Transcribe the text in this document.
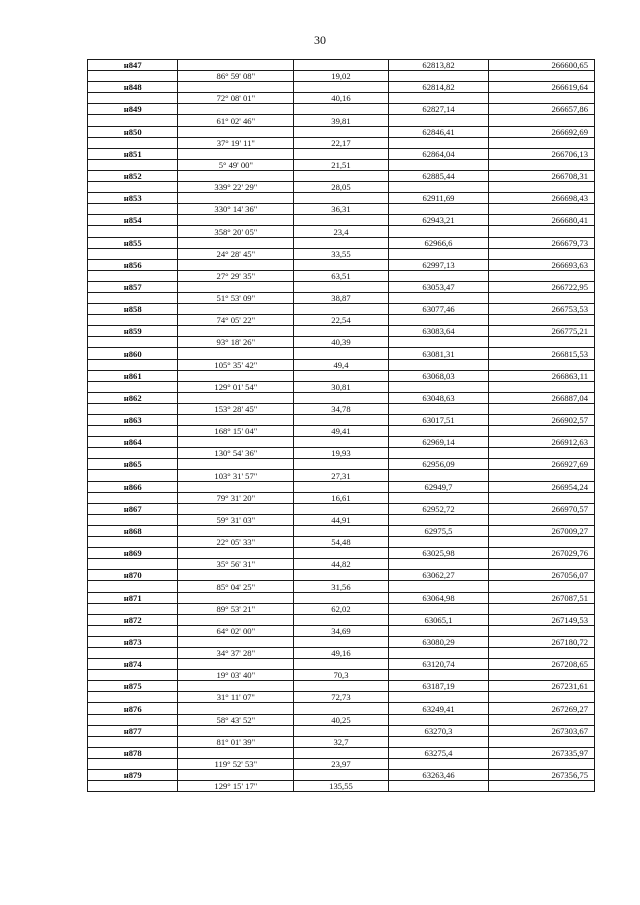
30
н847			62813,82	266600,65
	86° 59' 08"	19,02		
н848			62814,82	266619,64
	72° 08' 01"	40,16		
н849			62827,14	266657,86
	61° 02' 46"	39,81		
н850			62846,41	266692,69
	37° 19' 11"	22,17		
н851			62864,04	266706,13
	5° 49' 00"	21,51		
н852			62885,44	266708,31
	339° 22' 29"	28,05		
н853			62911,69	266698,43
	330° 14' 36"	36,31		
н854			62943,21	266680,41
	358° 20' 05"	23,4		
н855			62966,6	266679,73
	24° 28' 45"	33,55		
н856			62997,13	266693,63
	27° 29' 35"	63,51		
н857			63053,47	266722,95
	51° 53' 09"	38,87		
н858			63077,46	266753,53
	74° 05' 22"	22,54		
н859			63083,64	266775,21
	93° 18' 26"	40,39		
н860			63081,31	266815,53
	105° 35' 42"	49,4		
н861			63068,03	266863,11
	129° 01' 54"	30,81		
н862			63048,63	266887,04
	153° 28' 45"	34,78		
н863			63017,51	266902,57
	168° 15' 04"	49,41		
н864			62969,14	266912,63
	130° 54' 36"	19,93		
н865			62956,09	266927,69
	103° 31' 57"	27,31		
н866			62949,7	266954,24
	79° 31' 20"	16,61		
н867			62952,72	266970,57
	59° 31' 03"	44,91		
н868			62975,5	267009,27
	22° 05' 33"	54,48		
н869			63025,98	267029,76
	35° 56' 31"	44,82		
н870			63062,27	267056,07
	85° 04' 25"	31,56		
н871			63064,98	267087,51
	89° 53' 21"	62,02		
н872			63065,1	267149,53
	64° 02' 00"	34,69		
н873			63080,29	267180,72
	34° 37' 28"	49,16		
н874			63120,74	267208,65
	19° 03' 40"	70,3		
н875			63187,19	267231,61
	31° 11' 07"	72,73		
н876			63249,41	267269,27
	58° 43' 52"	40,25		
н877			63270,3	267303,67
	81° 01' 39"	32,7		
н878			63275,4	267335,97
	119° 52' 53"	23,97		
н879			63263,46	267356,75
	129° 15' 17"	135,55		
